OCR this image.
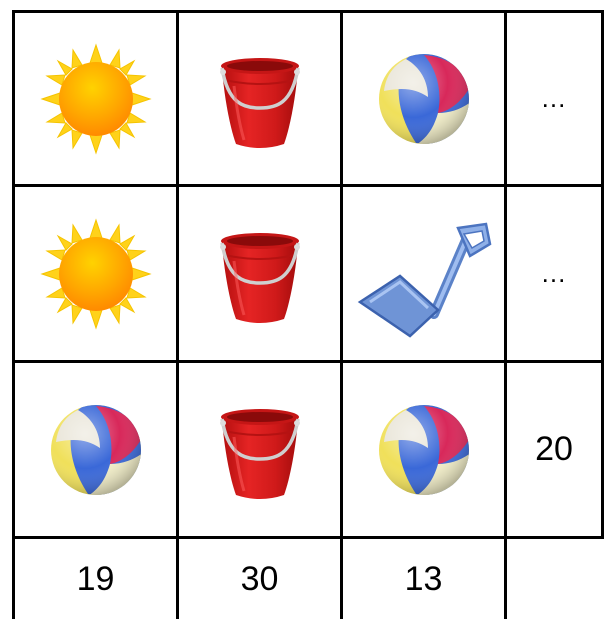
...
...
20
19	30	13
